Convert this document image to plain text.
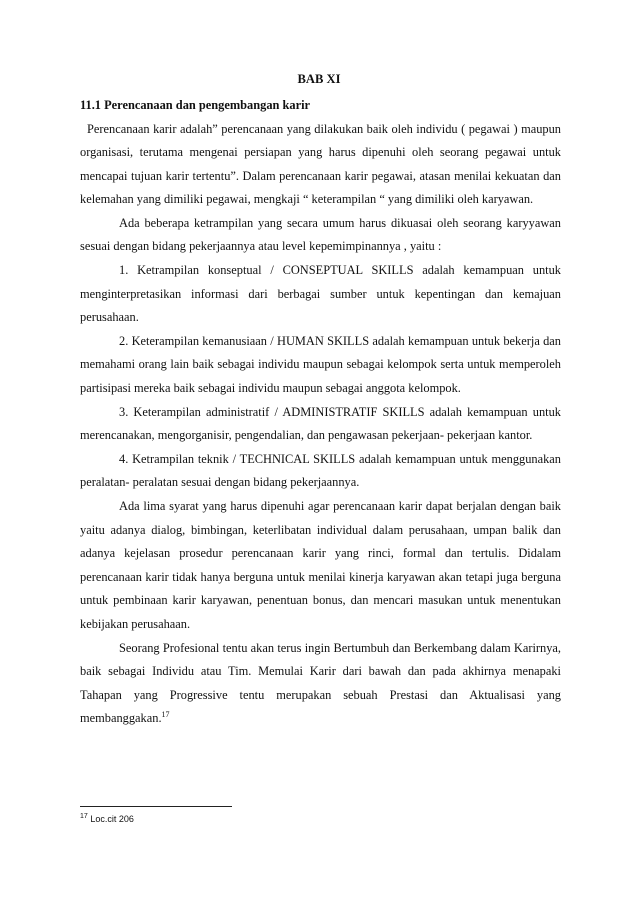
BAB XI

11.1 Perencanaan dan pengembangan karir

Perencanaan karir adalah” perencanaan yang dilakukan baik oleh individu ( pegawai ) maupun organisasi, terutama mengenai persiapan yang harus dipenuhi oleh seorang pegawai untuk mencapai tujuan karir tertentu”. Dalam perencanaan karir pegawai, atasan menilai kekuatan dan kelemahan yang dimiliki pegawai, mengkaji “ keterampilan “ yang dimiliki oleh karyawan.

Ada beberapa ketrampilan yang secara umum harus dikuasai oleh seorang karyyawan sesuai dengan bidang pekerjaannya atau level kepemimpinannya , yaitu :

1. Ketrampilan konseptual / CONSEPTUAL SKILLS adalah kemampuan untuk menginterpretasikan informasi dari berbagai sumber untuk kepentingan dan kemajuan perusahaan.

2. Keterampilan kemanusiaan / HUMAN SKILLS adalah kemampuan untuk bekerja dan memahami orang lain baik sebagai individu maupun sebagai kelompok serta untuk memperoleh partisipasi mereka baik sebagai individu maupun sebagai anggota kelompok.

3. Keterampilan administratif / ADMINISTRATIF SKILLS adalah kemampuan untuk merencanakan, mengorganisir, pengendalian, dan pengawasan pekerjaan- pekerjaan kantor.

4. Ketrampilan teknik / TECHNICAL SKILLS adalah kemampuan untuk menggunakan peralatan- peralatan sesuai dengan bidang pekerjaannya.

Ada lima syarat yang harus dipenuhi agar perencanaan karir dapat berjalan dengan baik yaitu adanya dialog, bimbingan, keterlibatan individual dalam perusahaan, umpan balik dan adanya kejelasan prosedur perencanaan karir yang rinci, formal dan tertulis. Didalam perencanaan karir tidak hanya berguna untuk menilai kinerja karyawan akan tetapi juga berguna untuk pembinaan karir karyawan, penentuan bonus, dan mencari masukan untuk menentukan kebijakan perusahaan.

Seorang Profesional tentu akan terus ingin Bertumbuh dan Berkembang dalam Karirnya, baik sebagai Individu atau Tim. Memulai Karir dari bawah dan pada akhirnya menapaki Tahapan yang Progressive tentu merupakan sebuah Prestasi dan Aktualisasi yang membanggakan.$^{17}$

$^{17}$ Loc.cit 206
